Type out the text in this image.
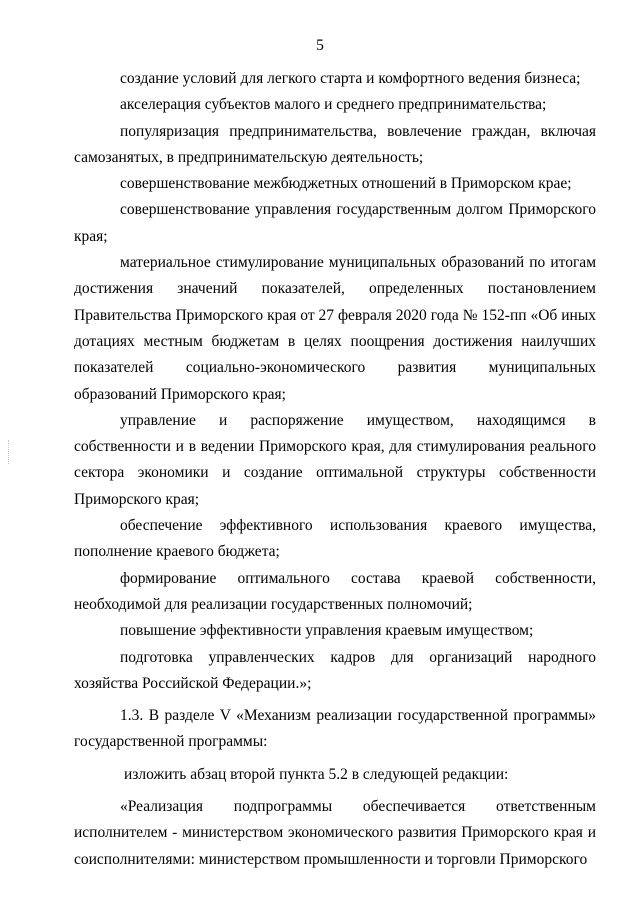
5

создание условий для легкого старта и комфортного ведения бизнеса;

акселерация субъектов малого и среднего предпринимательства;

популяризация предпринимательства, вовлечение граждан, включая самозанятых, в предпринимательскую деятельность;

совершенствование межбюджетных отношений в Приморском крае;

совершенствование управления государственным долгом Приморского края;

материальное стимулирование муниципальных образований по итогам достижения значений показателей, определенных постановлением Правительства Приморского края от 27 февраля 2020 года № 152-пп «Об иных дотациях местным бюджетам в целях поощрения достижения наилучших показателей социально-экономического развития муниципальных образований Приморского края;

управление и распоряжение имуществом, находящимся в собственности и в ведении Приморского края, для стимулирования реального сектора экономики и создание оптимальной структуры собственности Приморского края;

обеспечение эффективного использования краевого имущества, пополнение краевого бюджета;

формирование оптимального состава краевой собственности, необходимой для реализации государственных полномочий;

повышение эффективности управления краевым имуществом;

подготовка управленческих кадров для организаций народного хозяйства Российской Федерации.»;

1.3. В разделе V «Механизм реализации государственной программы» государственной программы:

изложить абзац второй пункта 5.2 в следующей редакции:

«Реализация подпрограммы обеспечивается ответственным исполнителем - министерством экономического развития Приморского края и соисполнителями: министерством промышленности и торговли Приморского
